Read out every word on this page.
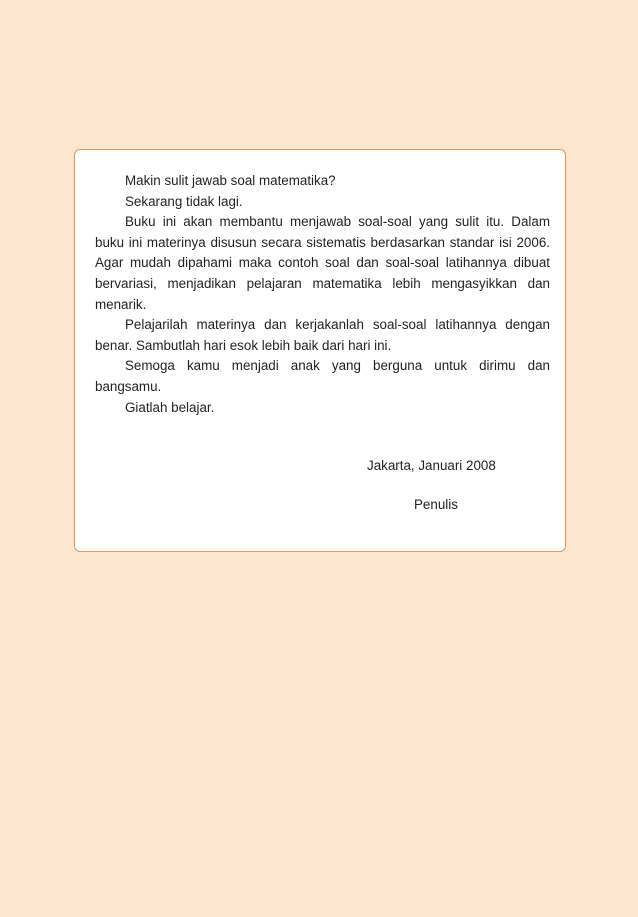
Makin sulit jawab soal matematika?

Sekarang tidak lagi.

Buku ini akan membantu menjawab soal-soal yang sulit itu. Dalam buku ini materinya disusun secara sistematis berdasarkan standar isi 2006. Agar mudah dipahami maka contoh soal dan soal-soal latihannya dibuat bervariasi, menjadikan pelajaran matematika lebih mengasyikkan dan menarik.

Pelajarilah materinya dan kerjakanlah soal-soal latihannya dengan benar. Sambutlah hari esok lebih baik dari hari ini.

Semoga kamu menjadi anak yang berguna untuk dirimu dan bangsamu.

Giatlah belajar.

Jakarta, Januari 2008
Penulis
